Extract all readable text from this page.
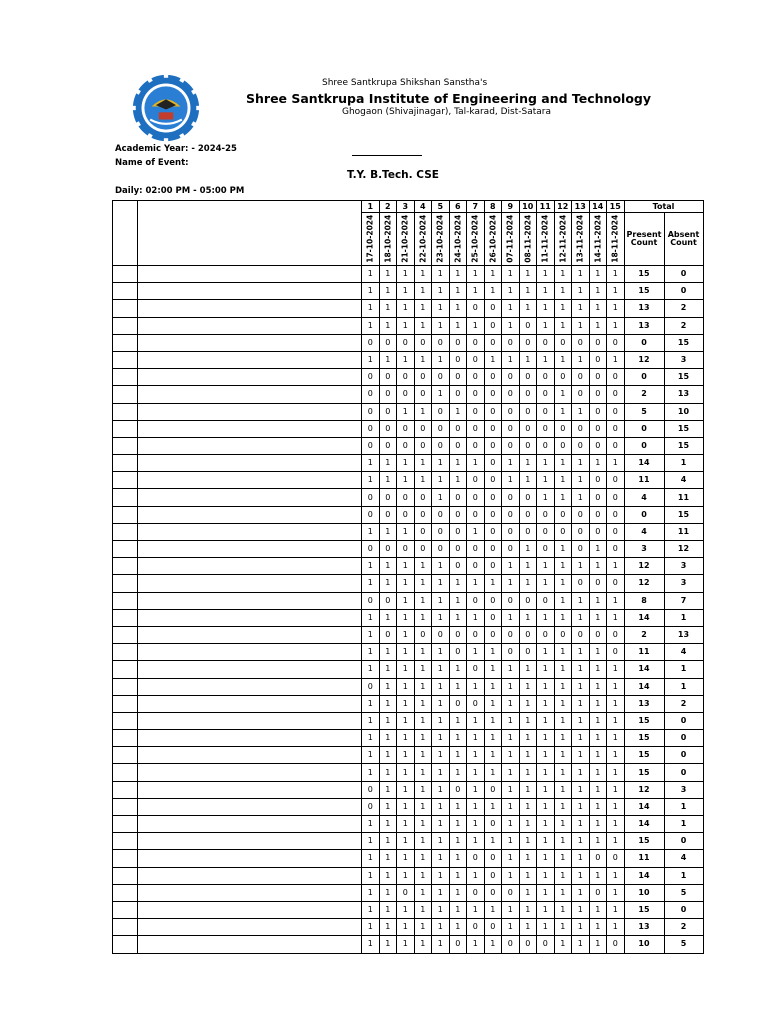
Shree Santkrupa Shikshan Sanstha's
Shree Santkrupa Institute of Engineering and Technology
Ghogaon (Shivajinagar), Tal-karad, Dist-Satara
Academic Year: - 2024-25
Name of Event:
T.Y. B.Tech. CSE
Daily: 02:00 PM - 05:00 PM
		1	2	3	4	5	6	7	8	9	10	11	12	13	14	15	Total	

		17-10-2024	18-10-2024	21-10-2024	22-10-2024	23-10-2024	24-10-2024	25-10-2024	26-10-2024	07-11-2024	08-11-2024	11-11-2024	12-11-2024	13-11-2024	14-11-2024	18-11-2024	Present Count	Absent Count
		1	1	1	1	1	1	1	1	1	1	1	1	1	1	1	15	0
		1	1	1	1	1	1	1	1	1	1	1	1	1	1	1	15	0
		1	1	1	1	1	1	0	0	1	1	1	1	1	1	1	13	2
		1	1	1	1	1	1	1	0	1	0	1	1	1	1	1	13	2
		0	0	0	0	0	0	0	0	0	0	0	0	0	0	0	0	15
		1	1	1	1	1	0	0	1	1	1	1	1	1	0	1	12	3
		0	0	0	0	0	0	0	0	0	0	0	0	0	0	0	0	15
		0	0	0	0	1	0	0	0	0	0	0	1	0	0	0	2	13
		0	0	1	1	0	1	0	0	0	0	0	1	1	0	0	5	10
		0	0	0	0	0	0	0	0	0	0	0	0	0	0	0	0	15
		0	0	0	0	0	0	0	0	0	0	0	0	0	0	0	0	15
		1	1	1	1	1	1	1	0	1	1	1	1	1	1	1	14	1
		1	1	1	1	1	1	0	0	1	1	1	1	1	0	0	11	4
		0	0	0	0	1	0	0	0	0	0	1	1	1	0	0	4	11
		0	0	0	0	0	0	0	0	0	0	0	0	0	0	0	0	15
		1	1	1	0	0	0	1	0	0	0	0	0	0	0	0	4	11
		0	0	0	0	0	0	0	0	0	1	0	1	0	1	0	3	12
		1	1	1	1	1	0	0	0	1	1	1	1	1	1	1	12	3
		1	1	1	1	1	1	1	1	1	1	1	1	0	0	0	12	3
		0	0	1	1	1	1	0	0	0	0	0	1	1	1	1	8	7
		1	1	1	1	1	1	1	0	1	1	1	1	1	1	1	14	1
		1	0	1	0	0	0	0	0	0	0	0	0	0	0	0	2	13
		1	1	1	1	1	0	1	1	0	0	1	1	1	1	0	11	4
		1	1	1	1	1	1	0	1	1	1	1	1	1	1	1	14	1
		0	1	1	1	1	1	1	1	1	1	1	1	1	1	1	14	1
		1	1	1	1	1	0	0	1	1	1	1	1	1	1	1	13	2
		1	1	1	1	1	1	1	1	1	1	1	1	1	1	1	15	0
		1	1	1	1	1	1	1	1	1	1	1	1	1	1	1	15	0
		1	1	1	1	1	1	1	1	1	1	1	1	1	1	1	15	0
		1	1	1	1	1	1	1	1	1	1	1	1	1	1	1	15	0
		0	1	1	1	1	0	1	0	1	1	1	1	1	1	1	12	3
		0	1	1	1	1	1	1	1	1	1	1	1	1	1	1	14	1
		1	1	1	1	1	1	1	0	1	1	1	1	1	1	1	14	1
		1	1	1	1	1	1	1	1	1	1	1	1	1	1	1	15	0
		1	1	1	1	1	1	0	0	1	1	1	1	1	0	0	11	4
		1	1	1	1	1	1	1	0	1	1	1	1	1	1	1	14	1
		1	1	0	1	1	1	0	0	0	1	1	1	1	0	1	10	5
		1	1	1	1	1	1	1	1	1	1	1	1	1	1	1	15	0
		1	1	1	1	1	1	0	0	1	1	1	1	1	1	1	13	2
		1	1	1	1	1	0	1	1	0	0	0	1	1	1	0	10	5
